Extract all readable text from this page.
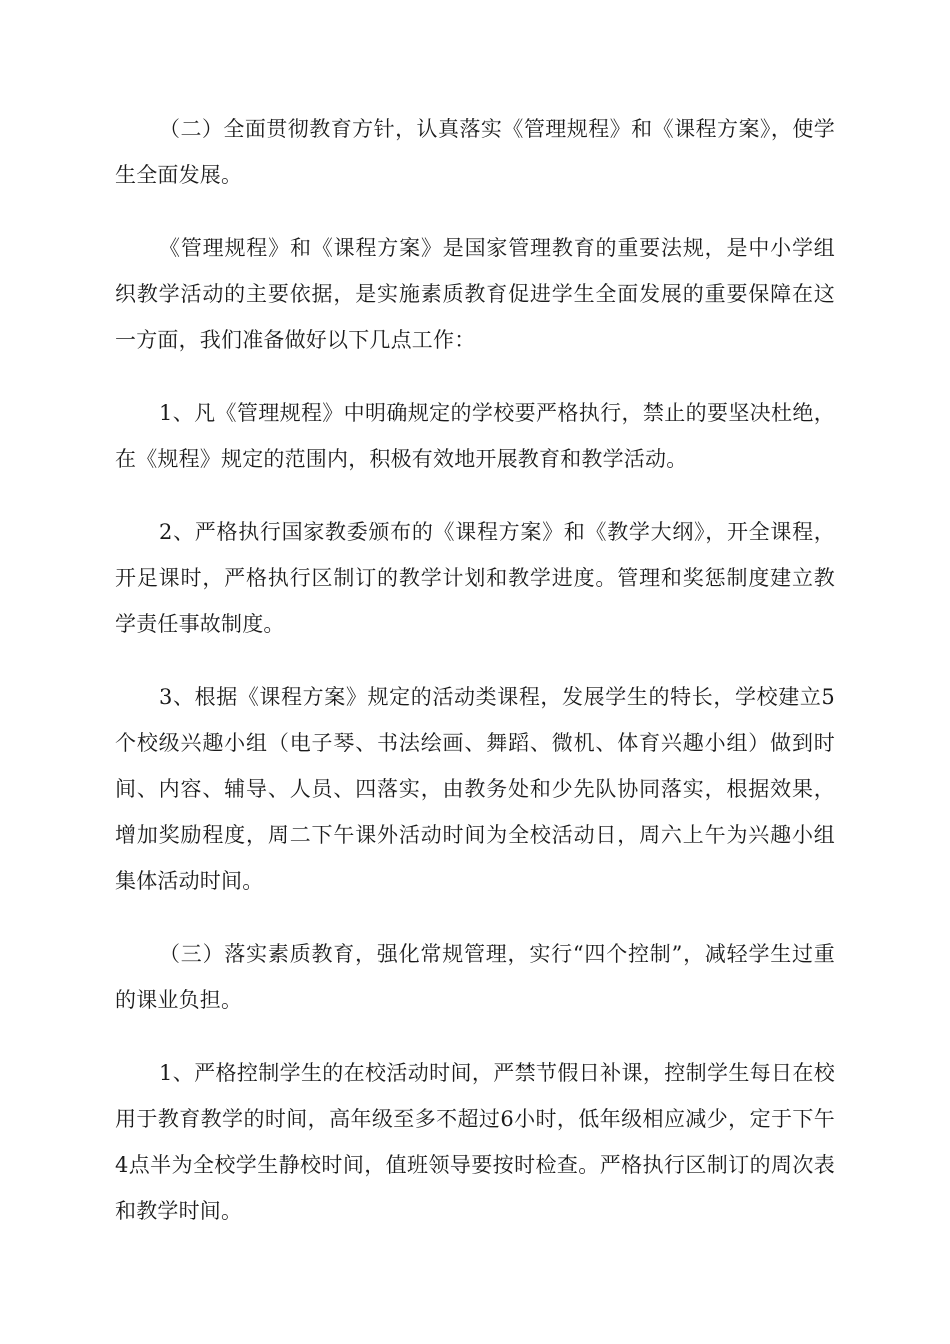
（二）全面贯彻教育方针，认真落实《管理规程》和《课程方案》，使学生全面发展。

《管理规程》和《课程方案》是国家管理教育的重要法规，是中小学组织教学活动的主要依据，是实施素质教育促进学生全面发展的重要保障在这一方面，我们准备做好以下几点工作：

1、凡《管理规程》中明确规定的学校要严格执行，禁止的要坚决杜绝，在《规程》规定的范围内，积极有效地开展教育和教学活动。

2、严格执行国家教委颁布的《课程方案》和《教学大纲》，开全课程，开足课时，严格执行区制订的教学计划和教学进度。管理和奖惩制度建立教学责任事故制度。

3、根据《课程方案》规定的活动类课程，发展学生的特长，学校建立5个校级兴趣小组（电子琴、书法绘画、舞蹈、微机、体育兴趣小组）做到时间、内容、辅导、人员、四落实，由教务处和少先队协同落实，根据效果，增加奖励程度，周二下午课外活动时间为全校活动日，周六上午为兴趣小组集体活动时间。

（三）落实素质教育，强化常规管理，实行“四个控制”，减轻学生过重的课业负担。

1、严格控制学生的在校活动时间，严禁节假日补课，控制学生每日在校用于教育教学的时间，高年级至多不超过6小时，低年级相应减少，定于下午4点半为全校学生静校时间，值班领导要按时检查。严格执行区制订的周次表和教学时间。
